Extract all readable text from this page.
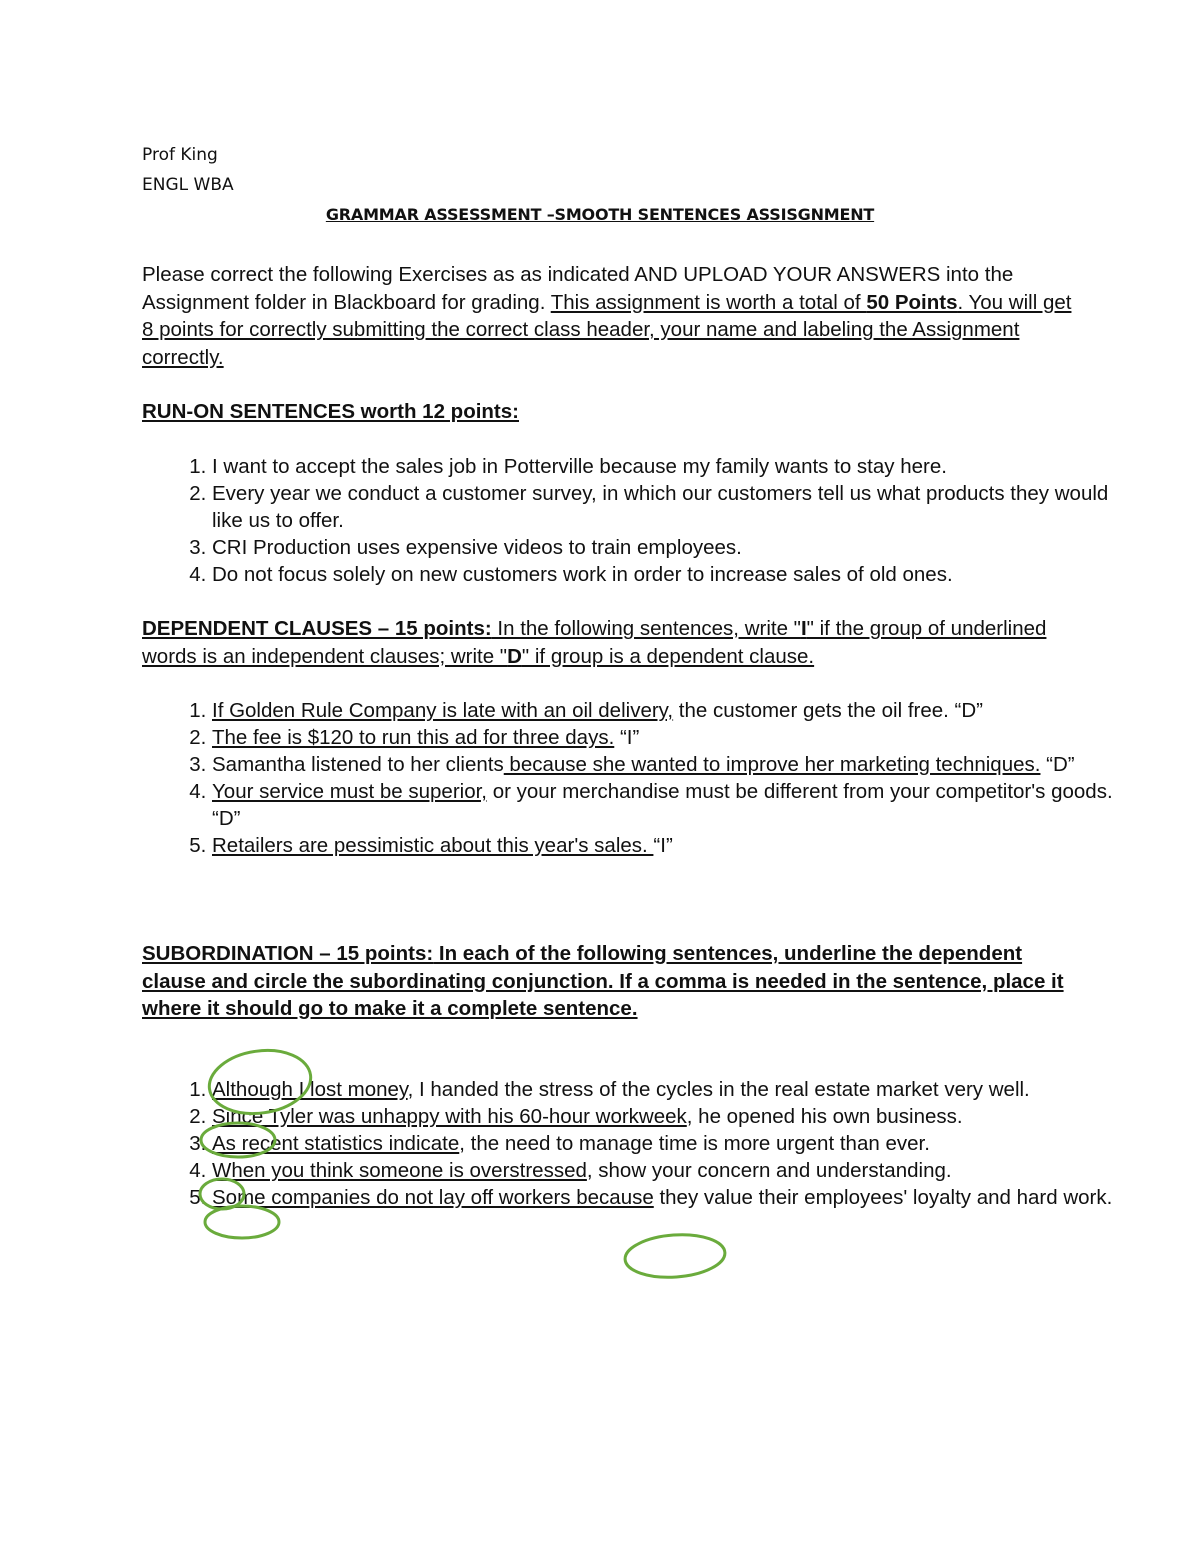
Prof King
ENGL WBA
GRAMMAR ASSESSMENT –SMOOTH SENTENCES ASSISGNMENT
Please correct the following Exercises as as indicated AND UPLOAD YOUR ANSWERS into the Assignment folder in Blackboard for grading. This assignment is worth a total of 50 Points. You will get 8 points for correctly submitting the correct class header, your name and labeling the Assignment correctly.
RUN-ON SENTENCES worth 12 points:
1. I want to accept the sales job in Potterville because my family wants to stay here.
2. Every year we conduct a customer survey, in which our customers tell us what products they would like us to offer.
3. CRI Production uses expensive videos to train employees.
4. Do not focus solely on new customers work in order to increase sales of old ones.
DEPENDENT CLAUSES – 15 points: In the following sentences, write "I" if the group of underlined words is an independent clauses; write "D" if group is a dependent clause.
1. If Golden Rule Company is late with an oil delivery, the customer gets the oil free. “D”
2. The fee is $120 to run this ad for three days. “I”
3. Samantha listened to her clients because she wanted to improve her marketing techniques. “D”
4. Your service must be superior, or your merchandise must be different from your competitor's goods. “D”
5. Retailers are pessimistic about this year's sales. “I”
SUBORDINATION – 15 points: In each of the following sentences, underline the dependent clause and circle the subordinating conjunction. If a comma is needed in the sentence, place it where it should go to make it a complete sentence.
1. Although I lost money, I handed the stress of the cycles in the real estate market very well.
2. Since Tyler was unhappy with his 60-hour workweek, he opened his own business.
3. As recent statistics indicate, the need to manage time is more urgent than ever.
4. When you think someone is overstressed, show your concern and understanding.
5. Some companies do not lay off workers because they value their employees' loyalty and hard work.
